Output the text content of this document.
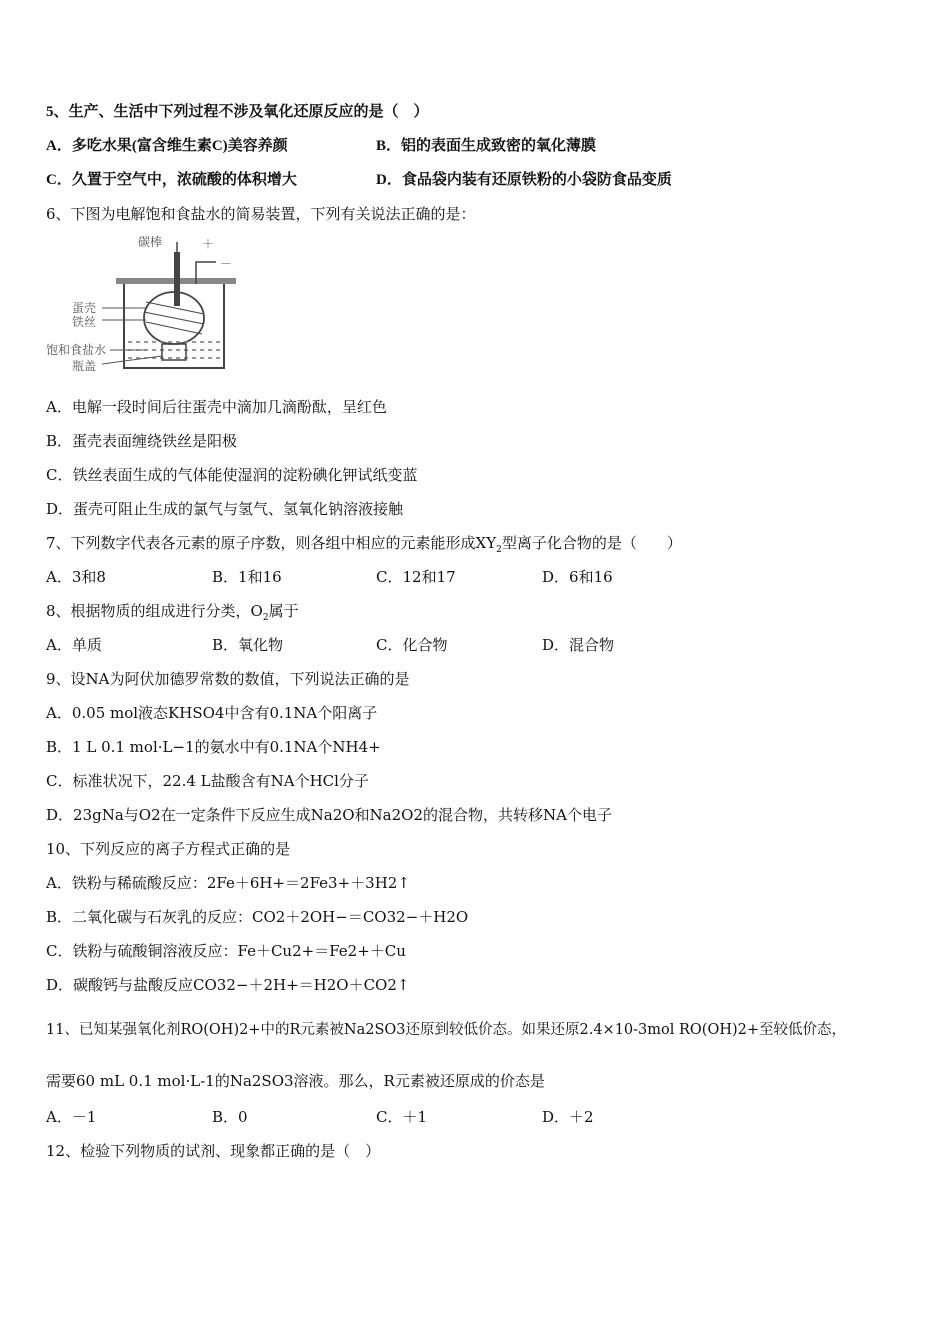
5、生产、生活中下列过程不涉及氧化还原反应的是（　）
A．多吃水果(富含维生素C)美容养颜	B．铝的表面生成致密的氧化薄膜
C．久置于空气中，浓硫酸的体积增大	D．食品袋内装有还原铁粉的小袋防食品变质
6、下图为电解饱和食盐水的简易装置，下列有关说法正确的是：
碳棒	＋
－
蛋壳
铁丝
饱和食盐水
瓶盖
A．电解一段时间后往蛋壳中滴加几滴酚酞，呈红色
B．蛋壳表面缠绕铁丝是阳极
C．铁丝表面生成的气体能使湿润的淀粉碘化钾试纸变蓝
D．蛋壳可阻止生成的氯气与氢气、氢氧化钠溶液接触
7、下列数字代表各元素的原子序数，则各组中相应的元素能形成$XY_2$型离子化合物的是（　　）
A．3和8	B．1和16	C．12和17	D．6和16
8、根据物质的组成进行分类，$O_2$属于
A．单质	B．氧化物	C．化合物	D．混合物
9、设NA为阿伏加德罗常数的数值，下列说法正确的是
A．0.05 mol液态KHSO4中含有0.1NA个阳离子
B．1 L 0.1 mol·L−1的氨水中有0.1NA个NH4+
C．标准状况下，22.4 L盐酸含有NA个HCl分子
D．23gNa与O2在一定条件下反应生成Na2O和Na2O2的混合物，共转移NA个电子
10、下列反应的离子方程式正确的是
A．铁粉与稀硫酸反应：2Fe＋6H+＝2Fe3+＋3H2↑
B．二氧化碳与石灰乳的反应：CO2＋2OH−＝CO32−＋H2O
C．铁粉与硫酸铜溶液反应：Fe＋Cu2+＝Fe2+＋Cu
D．碳酸钙与盐酸反应CO32−＋2H+＝H2O＋CO2↑
11、已知某强氧化剂RO(OH)2+中的R元素被Na2SO3还原到较低价态。如果还原2.4×10-3mol RO(OH)2+至较低价态，
需要60 mL 0.1 mol·L-1的Na2SO3溶液。那么，R元素被还原成的价态是
A．－1	B．0	C．＋1	D．＋2
12、检验下列物质的试剂、现象都正确的是（　）
